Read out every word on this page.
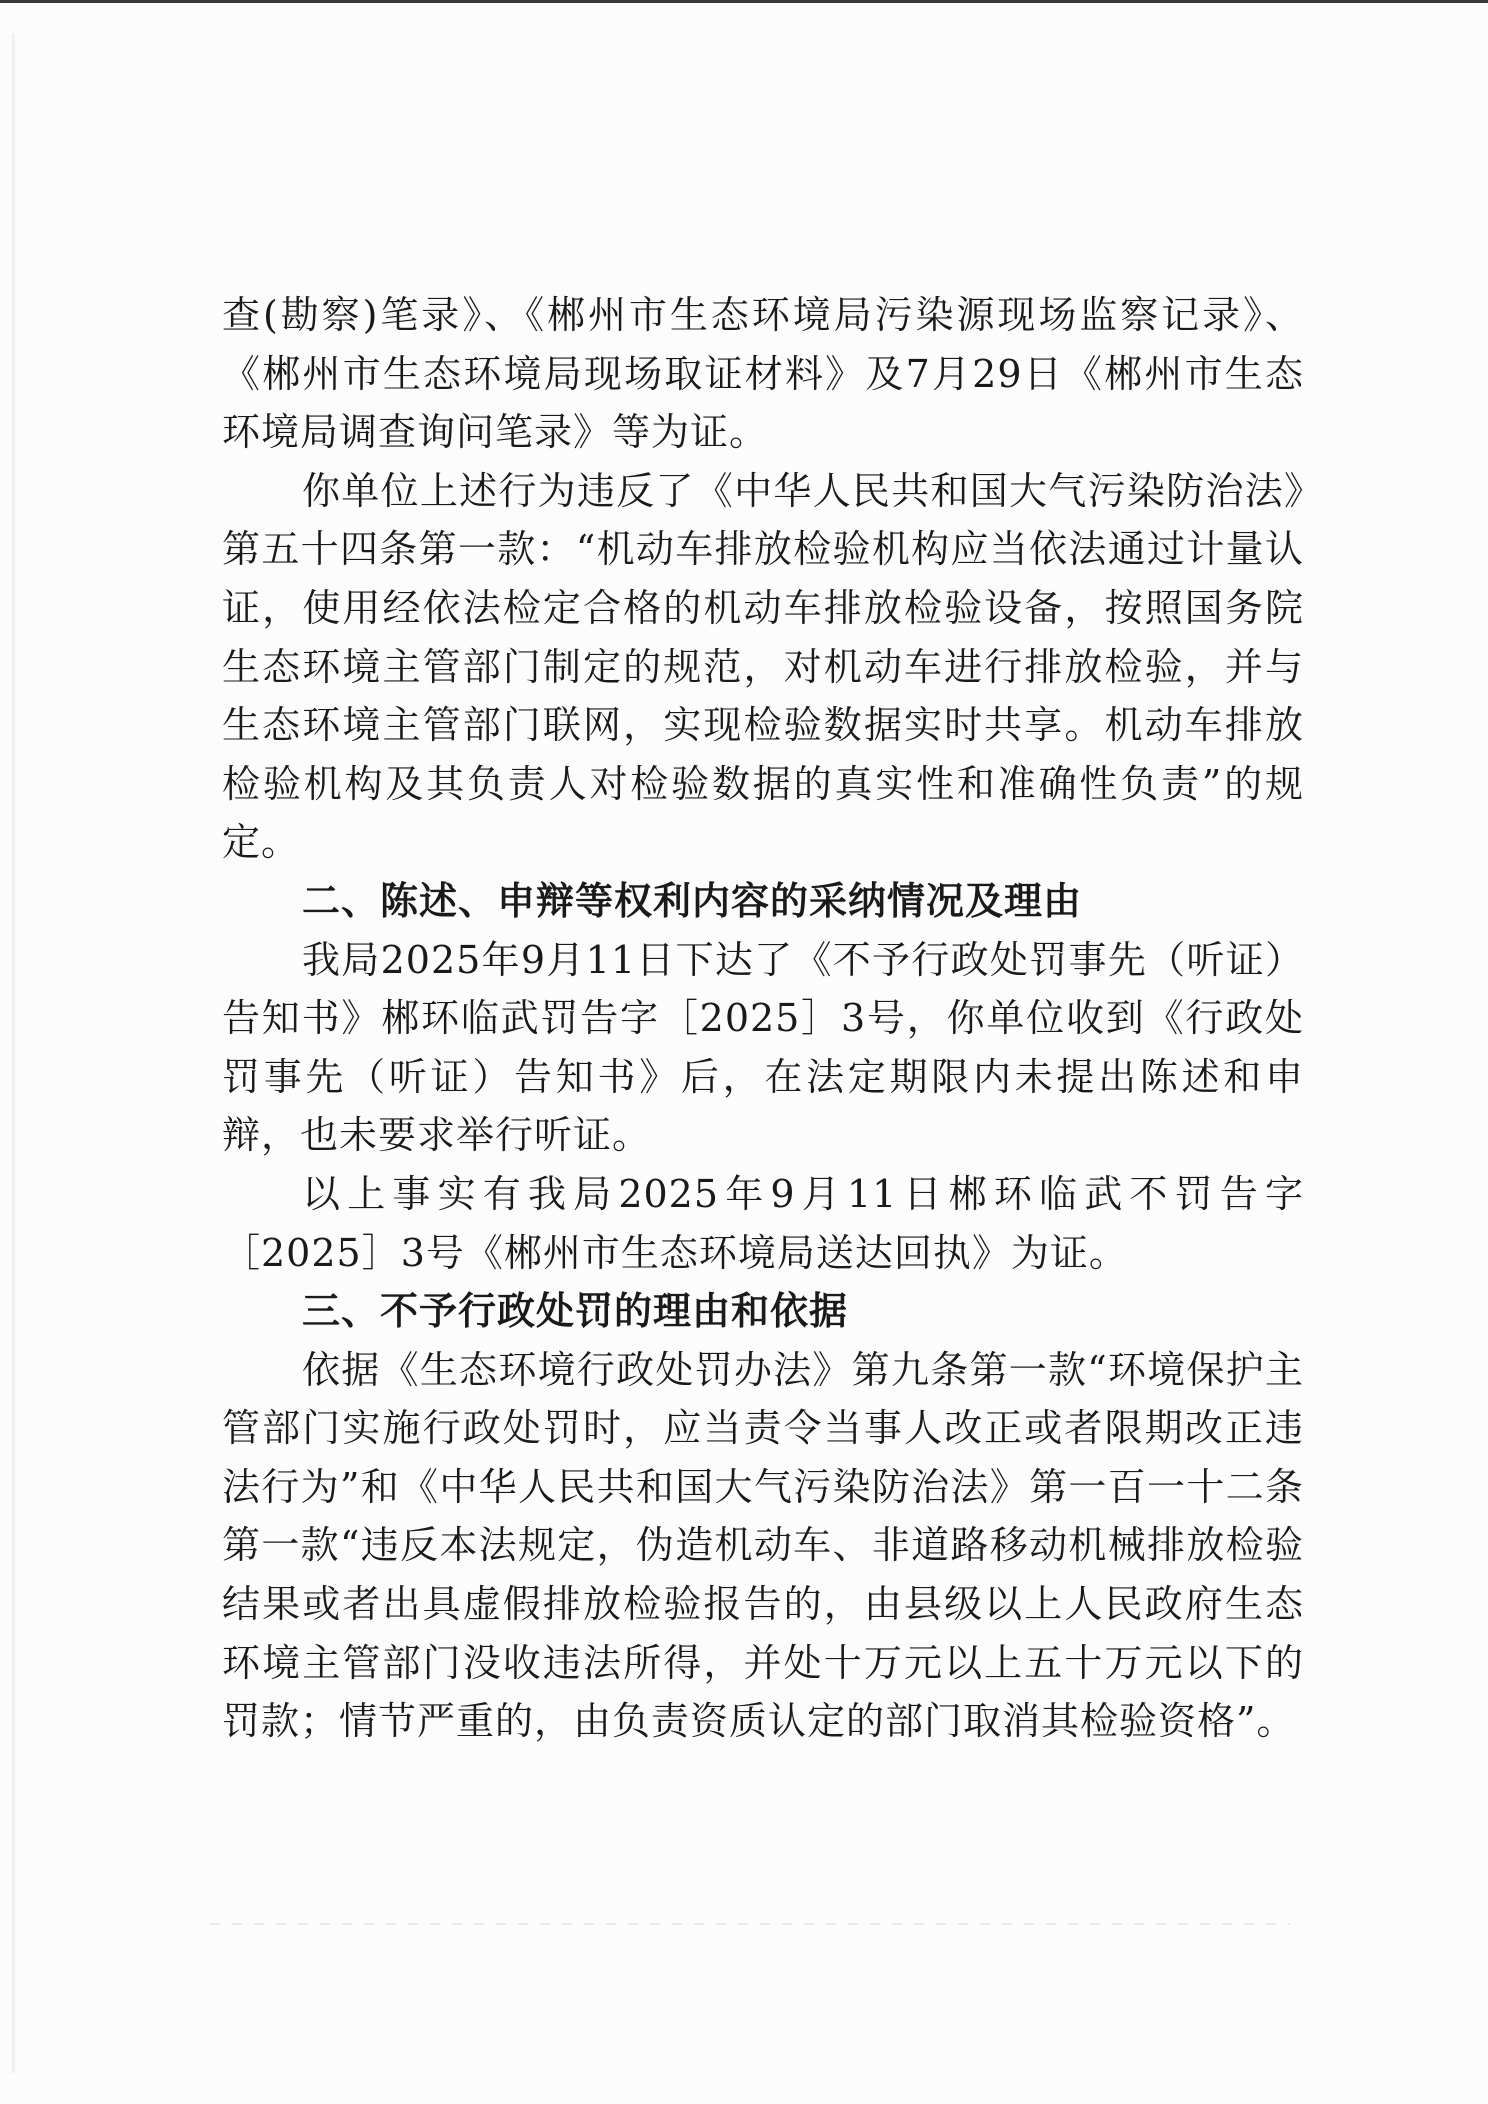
查(勘察)笔录》、《郴州市生态环境局污染源现场监察记录》、《郴州市生态环境局现场取证材料》及7月29日《郴州市生态环境局调查询问笔录》等为证。

你单位上述行为违反了《中华人民共和国大气污染防治法》第五十四条第一款：“机动车排放检验机构应当依法通过计量认证，使用经依法检定合格的机动车排放检验设备，按照国务院生态环境主管部门制定的规范，对机动车进行排放检验，并与生态环境主管部门联网，实现检验数据实时共享。机动车排放检验机构及其负责人对检验数据的真实性和准确性负责”的规定。

二、陈述、申辩等权利内容的采纳情况及理由

我局2025年9月11日下达了《不予行政处罚事先（听证）告知书》郴环临武罚告字［2025］3号，你单位收到《行政处罚事先（听证）告知书》后，在法定期限内未提出陈述和申辩，也未要求举行听证。

以上事实有我局2025年9月11日郴环临武不罚告字［2025］3号《郴州市生态环境局送达回执》为证。

三、不予行政处罚的理由和依据

依据《生态环境行政处罚办法》第九条第一款“环境保护主管部门实施行政处罚时，应当责令当事人改正或者限期改正违法行为”和《中华人民共和国大气污染防治法》第一百一十二条第一款“违反本法规定，伪造机动车、非道路移动机械排放检验结果或者出具虚假排放检验报告的，由县级以上人民政府生态环境主管部门没收违法所得，并处十万元以上五十万元以下的罚款；情节严重的，由负责资质认定的部门取消其检验资格”。
